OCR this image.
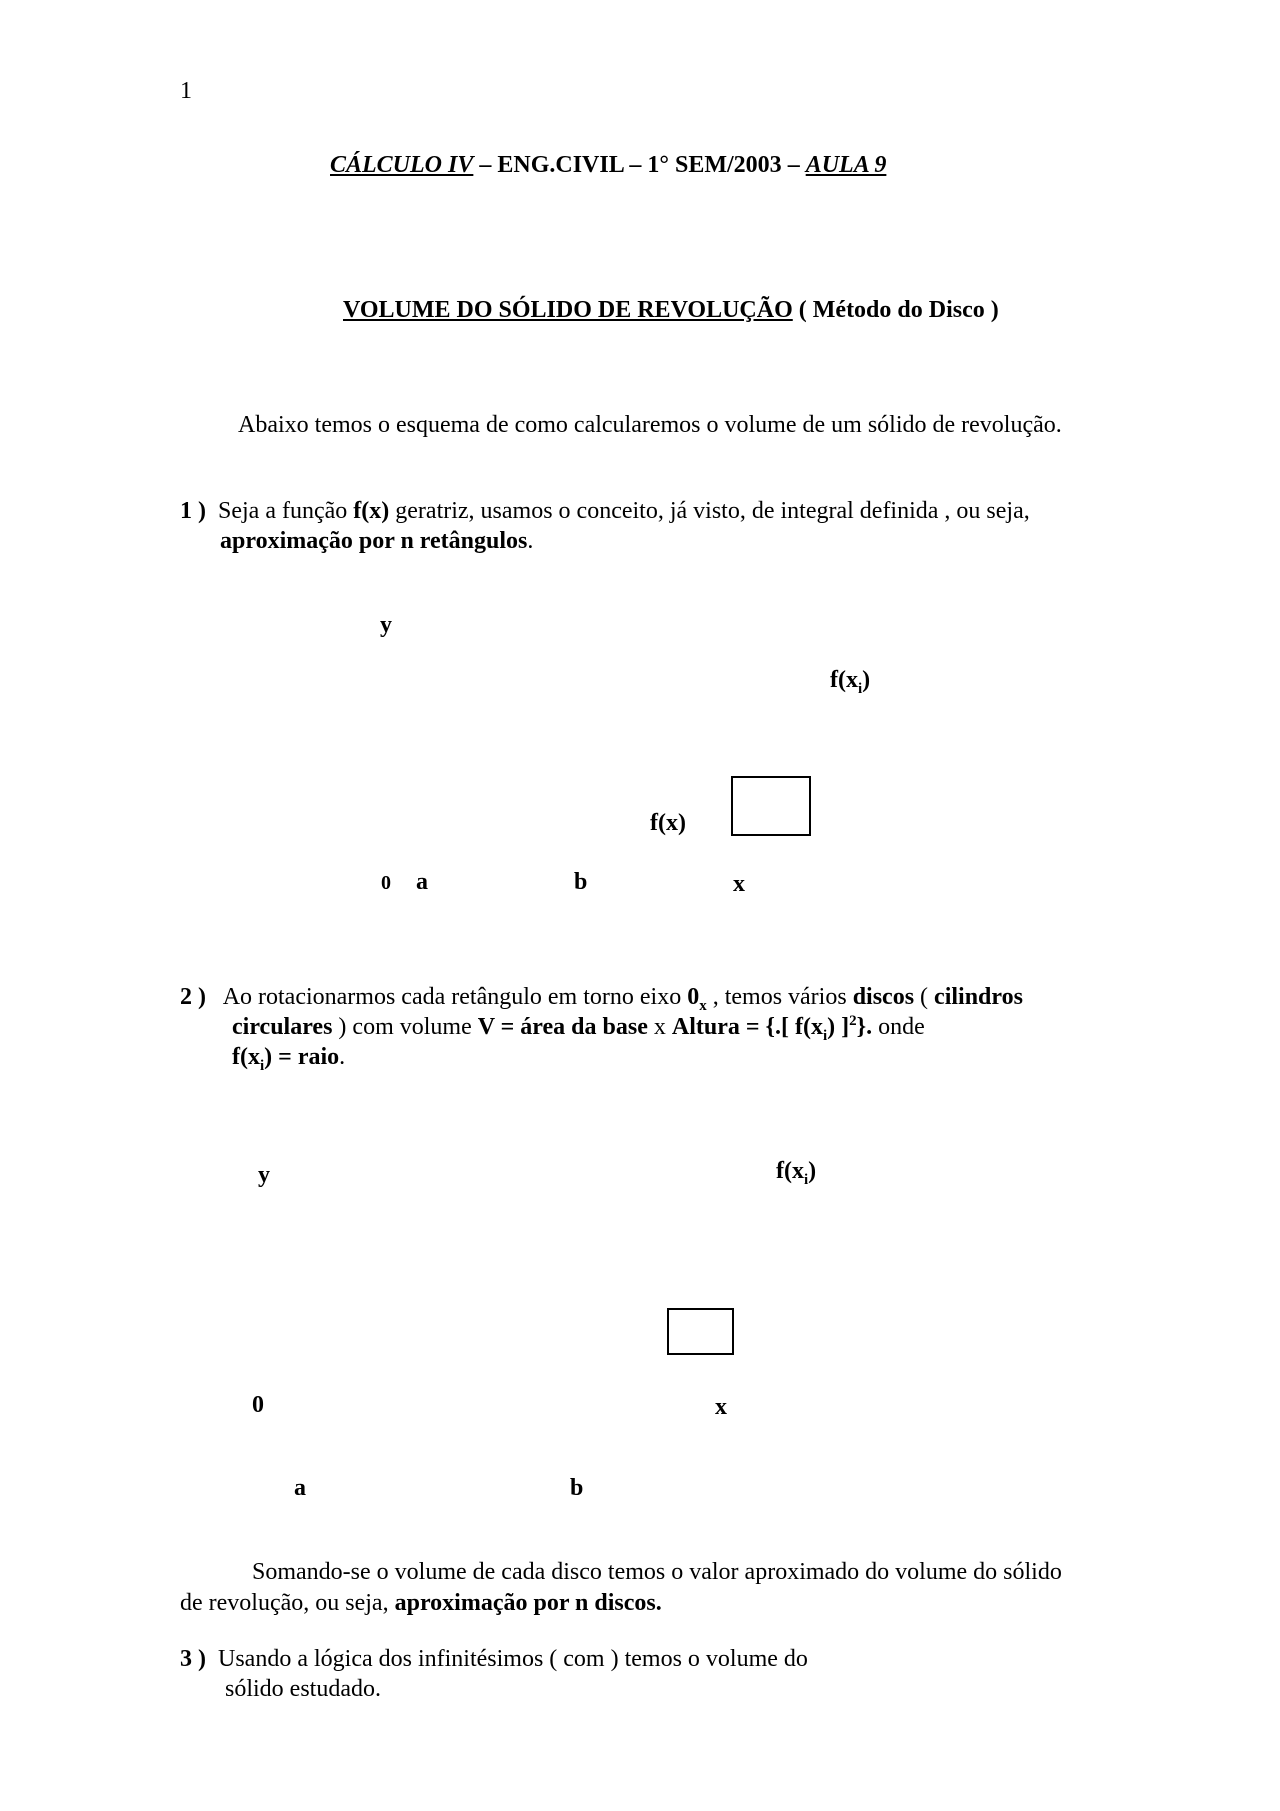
1
CÁLCULO IV – ENG.CIVIL – 1° SEM/2003 – AULA 9
VOLUME DO SÓLIDO DE REVOLUÇÃO ( Método do Disco )
Abaixo temos o esquema de como calcularemos o volume de um sólido de revolução.
1 ) Seja a função f(x) geratriz, usamos o conceito, já visto, de integral definida , ou seja,
aproximação por n retângulos.
y
$f(x_i)$
f(x)
0 a	b	x
2 ) Ao rotacionarmos cada retângulo em torno eixo $0_x$ , temos vários discos ( cilindros
circulares ) com volume V = área da base x Altura = {.[ $f(x_i)$ ]$^2$}. onde
$f(x_i)$ = raio.
y	$f(x_i)$
0	x
a	b
Somando-se o volume de cada disco temos o valor aproximado do volume do sólido
de revolução, ou seja, aproximação por n discos.
3 ) Usando a lógica dos infinitésimos ( com ) temos o volume do
sólido estudado.
